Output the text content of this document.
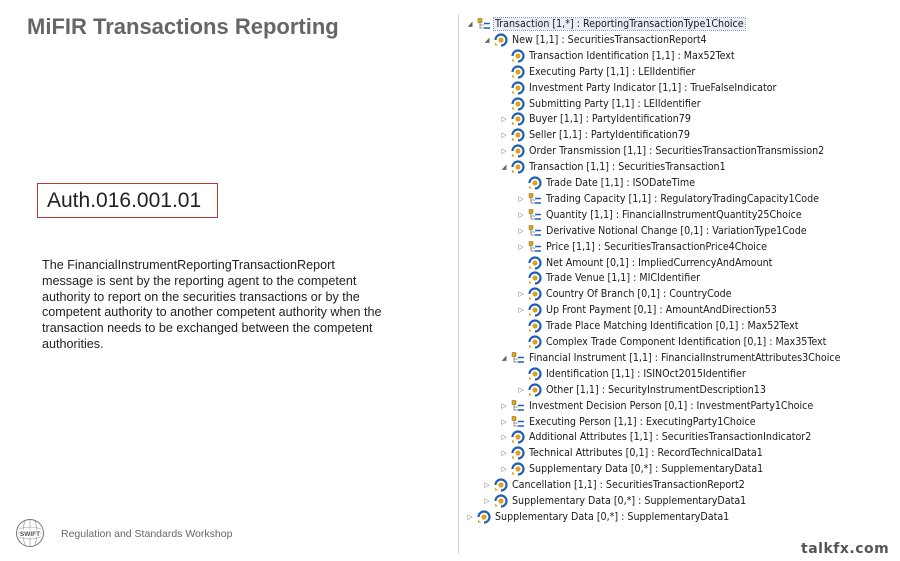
MiFIR Transactions Reporting
Auth.016.001.01
The FinancialInstrumentReportingTransactionReport message is sent by the reporting agent to the competent authority to report on the securities transactions or by the competent authority to another competent authority when the transaction needs to be exchanged between the competent authorities.
SWIFT Regulation and Standards Workshop
talkfx.com
◢ Transaction [1,*] : ReportingTransactionType1Choice
◢ New [1,1] : SecuritiesTransactionReport4
Transaction Identification [1,1] : Max52Text
Executing Party [1,1] : LEIIdentifier
Investment Party Indicator [1,1] : TrueFalseIndicator
Submitting Party [1,1] : LEIIdentifier
▷ Buyer [1,1] : PartyIdentification79
▷ Seller [1,1] : PartyIdentification79
▷ Order Transmission [1,1] : SecuritiesTransactionTransmission2
◢ Transaction [1,1] : SecuritiesTransaction1
Trade Date [1,1] : ISODateTime
▷ Trading Capacity [1,1] : RegulatoryTradingCapacity1Code
▷ Quantity [1,1] : FinancialInstrumentQuantity25Choice
▷ Derivative Notional Change [0,1] : VariationType1Code
▷ Price [1,1] : SecuritiesTransactionPrice4Choice
Net Amount [0,1] : ImpliedCurrencyAndAmount
Trade Venue [1,1] : MICIdentifier
▷ Country Of Branch [0,1] : CountryCode
▷ Up Front Payment [0,1] : AmountAndDirection53
Trade Place Matching Identification [0,1] : Max52Text
Complex Trade Component Identification [0,1] : Max35Text
◢ Financial Instrument [1,1] : FinancialInstrumentAttributes3Choice
Identification [1,1] : ISINOct2015Identifier
▷ Other [1,1] : SecurityInstrumentDescription13
▷ Investment Decision Person [0,1] : InvestmentParty1Choice
▷ Executing Person [1,1] : ExecutingParty1Choice
▷ Additional Attributes [1,1] : SecuritiesTransactionIndicator2
▷ Technical Attributes [0,1] : RecordTechnicalData1
▷ Supplementary Data [0,*] : SupplementaryData1
▷ Cancellation [1,1] : SecuritiesTransactionReport2
▷ Supplementary Data [0,*] : SupplementaryData1
▷ Supplementary Data [0,*] : SupplementaryData1
